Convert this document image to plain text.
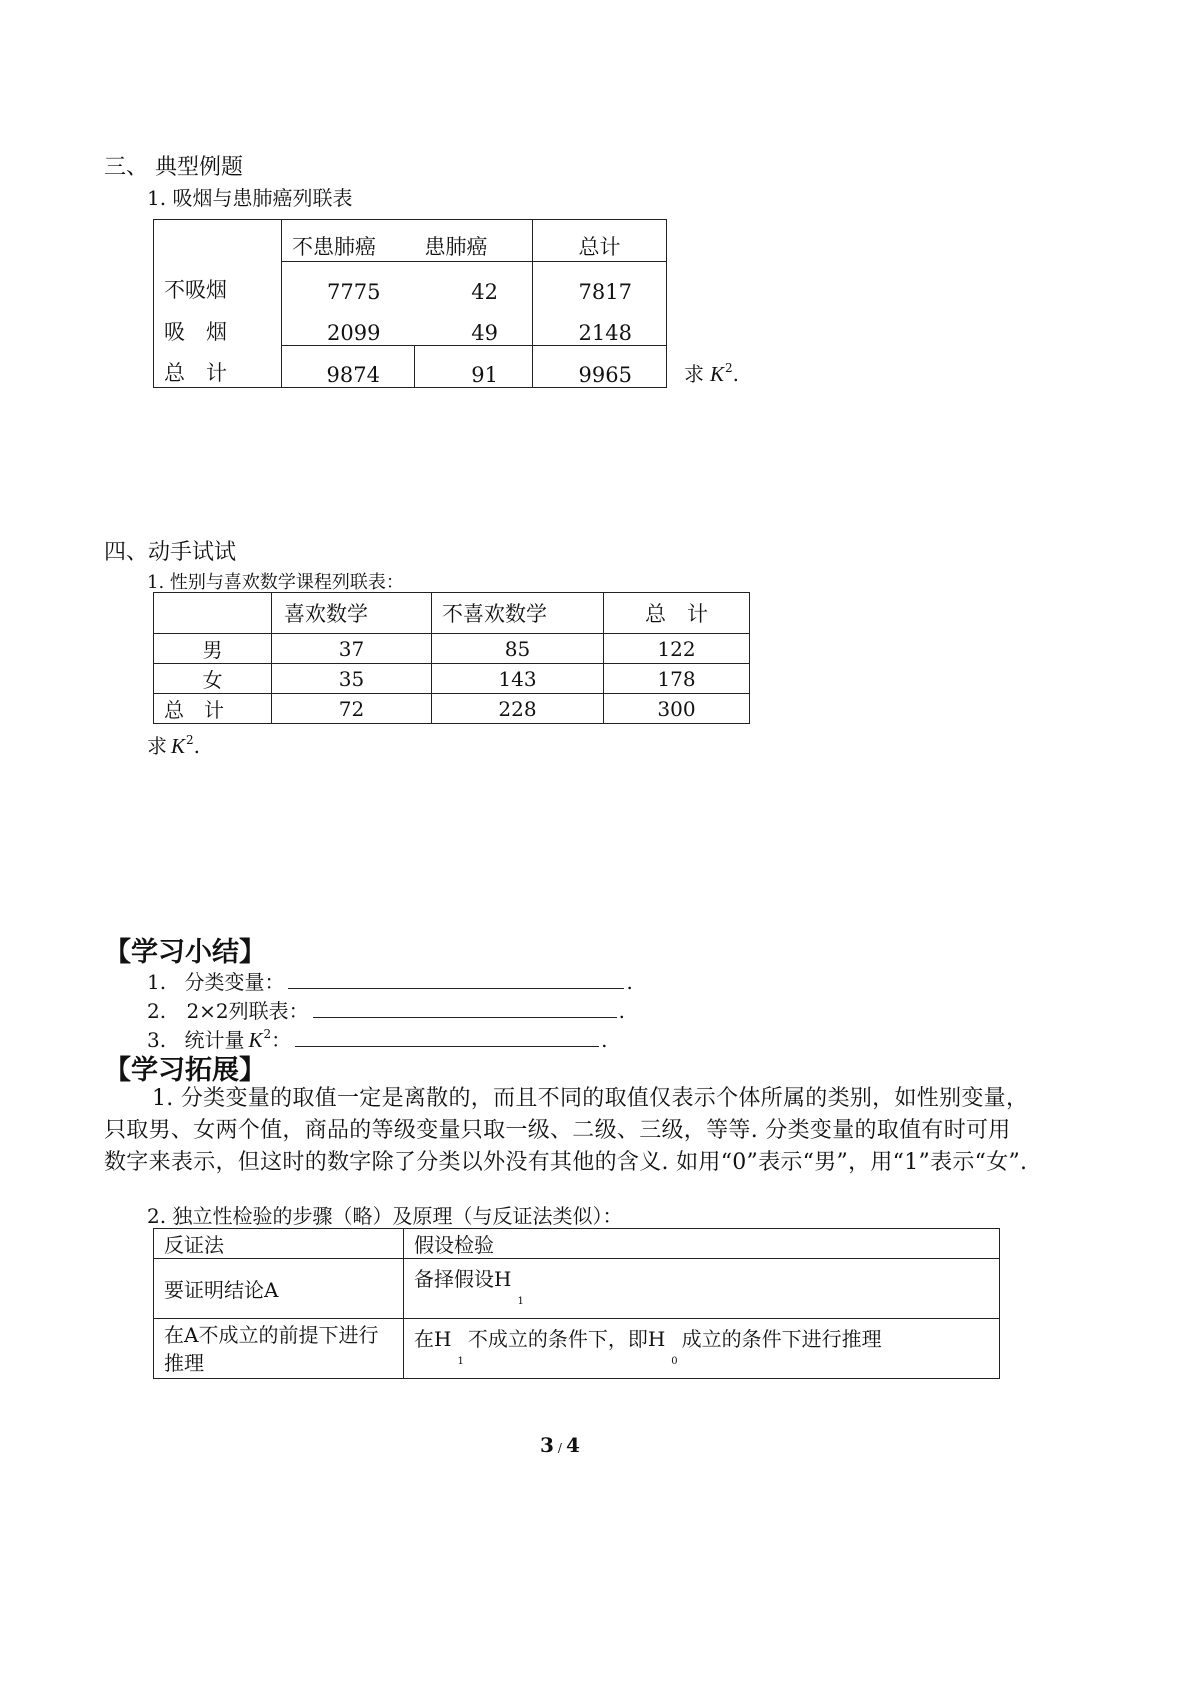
三、 典型例题
1. 吸烟与患肺癌列联表
	不患肺癌	患肺癌	总计
不吸烟	7775	42	7817
吸　烟	2099	49	2148
总　计	9874	91	9965	求 $K^2$.
四、动手试试
1. 性别与喜欢数学课程列联表：
	喜欢数学	不喜欢数学	总　计
男	37	85	122
女	35	143	178
总　计	72	228	300
求 $K^2$.
【学习小结】
1. 分类变量：	.
2. 2×2列联表：	.
3. 统计量 $K^2$：	.
【学习拓展】
1. 分类变量的取值一定是离散的，而且不同的取值仅表示个体所属的类别，如性别变量，只取男、女两个值，商品的等级变量只取一级、二级、三级，等等. 分类变量的取值有时可用数字来表示，但这时的数字除了分类以外没有其他的含义. 如用“0”表示“男”，用“1”表示“女”.
2. 独立性检验的步骤（略）及原理（与反证法类似）：
反证法	假设检验
要证明结论A	备择假设$H_1$
在A不成立的前提下进行推理	在$H_1$不成立的条件下，即$H_0$成立的条件下进行推理
3 / 4
